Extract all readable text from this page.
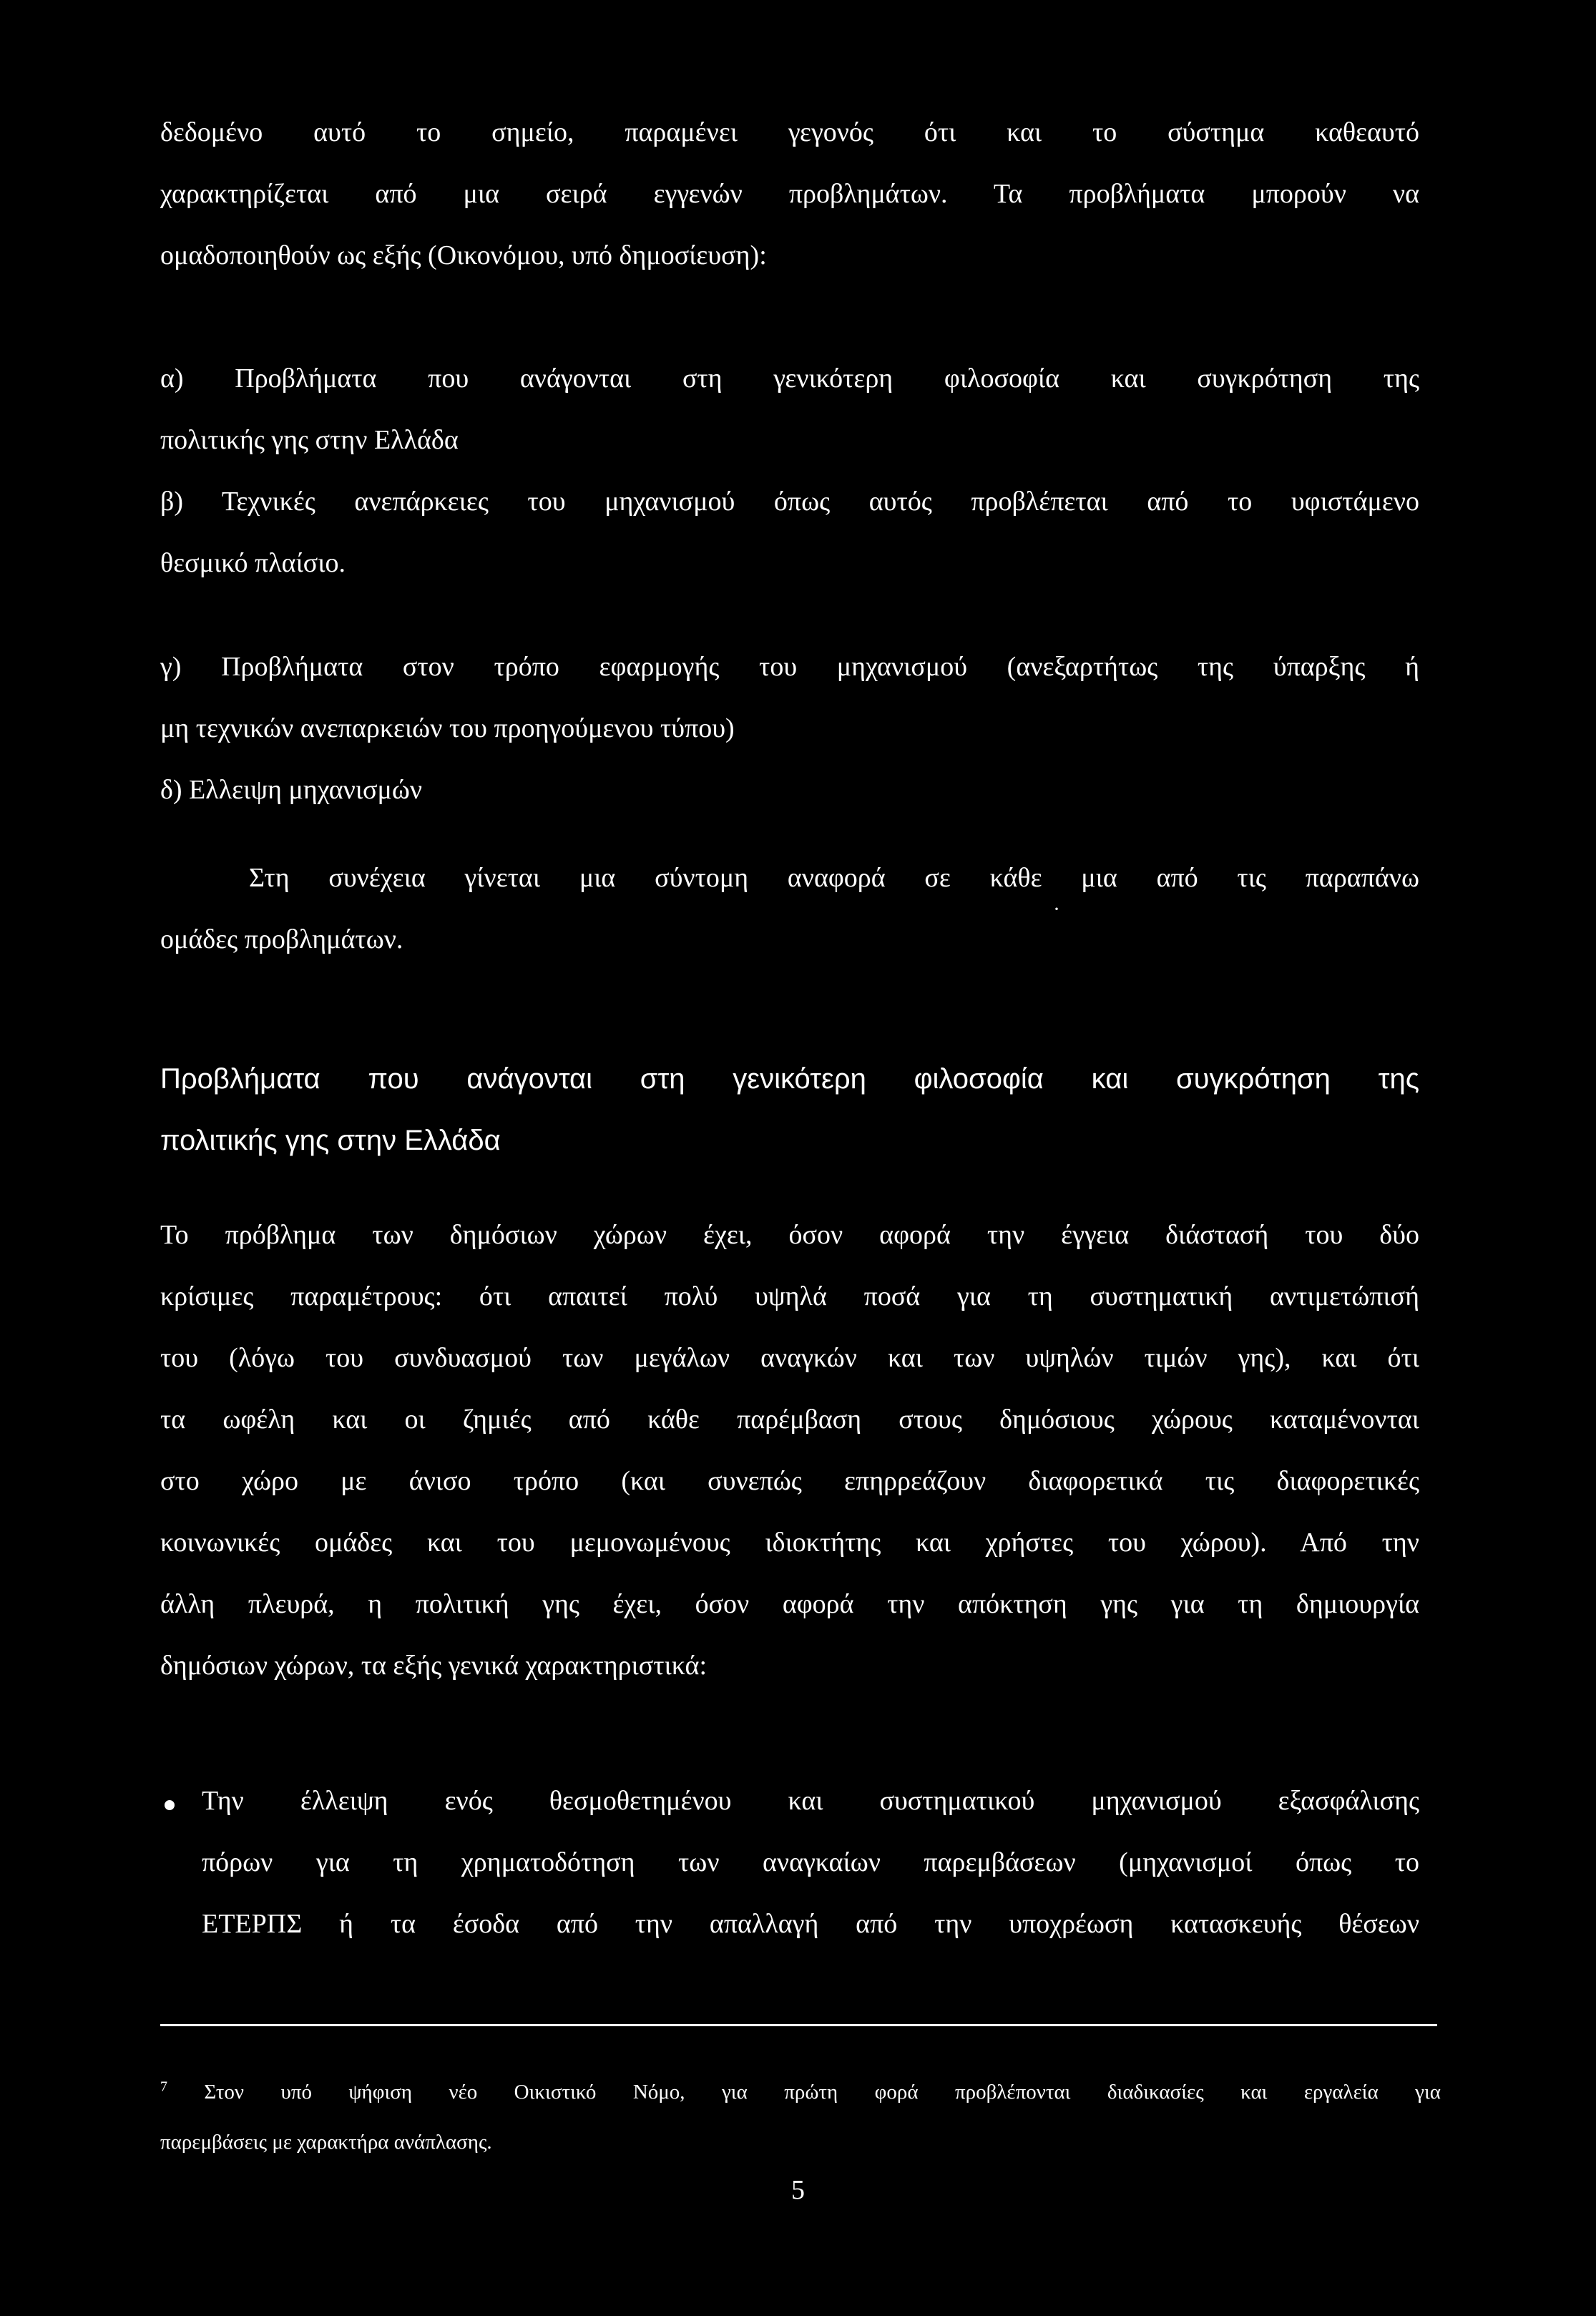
δεδομένο αυτό το σημείο, παραμένει γεγονός ότι και το σύστημα καθεαυτό
χαρακτηρίζεται από μια σειρά εγγενών προβλημάτων. Τα προβλήματα μπορούν να
ομαδοποιηθούν ως εξής (Οικονόμου, υπό δημοσίευση):
α) Προβλήματα που ανάγονται στη γενικότερη φιλοσοφία και συγκρότηση της
πολιτικής γης στην Ελλάδα
β) Τεχνικές ανεπάρκειες του μηχανισμού όπως αυτός προβλέπεται από το υφιστάμενο
θεσμικό πλαίσιο.
γ) Προβλήματα στον τρόπο εφαρμογής του μηχανισμού (ανεξαρτήτως της ύπαρξης ή
μη τεχνικών ανεπαρκειών του προηγούμενου τύπου)
δ) Ελλειψη μηχανισμών
Στη συνέχεια γίνεται μια σύντομη αναφορά σε κάθε μια από τις παραπάνω
·
ομάδες προβλημάτων.
Προβλήματα που ανάγονται στη γενικότερη φιλοσοφία και συγκρότηση της
πολιτικής γης στην Ελλάδα
Το πρόβλημα των δημόσιων χώρων έχει, όσον αφορά την έγγεια διάστασή του δύο
κρίσιμες παραμέτρους: ότι απαιτεί πολύ υψηλά ποσά για τη συστηματική αντιμετώπισή
του (λόγω του συνδυασμού των μεγάλων αναγκών και των υψηλών τιμών γης), και ότι
τα ωφέλη και οι ζημιές από κάθε παρέμβαση στους δημόσιους χώρους καταμένονται
στο χώρο με άνισο τρόπο (και συνεπώς επηρρεάζουν διαφορετικά τις διαφορετικές
κοινωνικές ομάδες και του μεμονωμένους ιδιοκτήτης και χρήστες του χώρου). Από την
άλλη πλευρά, η πολιτική γης έχει, όσον αφορά την απόκτηση γης για τη δημιουργία
δημόσιων χώρων, τα εξής γενικά χαρακτηριστικά:
Την έλλειψη ενός θεσμοθετημένου και συστηματικού μηχανισμού εξασφάλισης
πόρων για τη χρηματοδότηση των αναγκαίων παρεμβάσεων (μηχανισμοί όπως το
ΕΤΕΡΠΣ ή τα έσοδα από την απαλλαγή από την υποχρέωση κατασκευής θέσεων
$^7$ Στον υπό ψήφιση νέο Οικιστικό Νόμο, για πρώτη φορά προβλέπονται διαδικασίες και εργαλεία για
παρεμβάσεις με χαρακτήρα ανάπλασης.
5
